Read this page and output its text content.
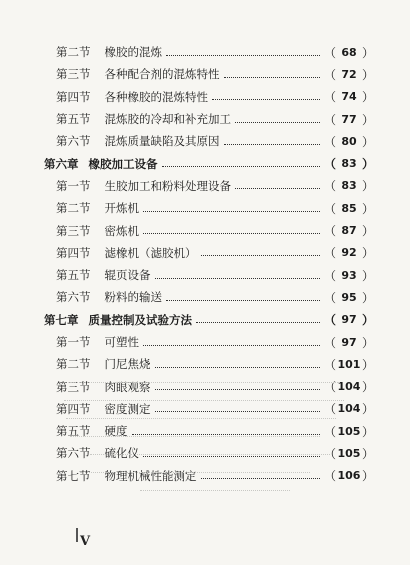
第二节	橡胶的混炼	（ 68 ）
第三节	各种配合剂的混炼特性	（ 72 ）
第四节	各种橡胶的混炼特性	（ 74 ）
第五节	混炼胶的冷却和补充加工	（ 77 ）
第六节	混炼质量缺陷及其原因	（ 80 ）
第六章 橡胶加工设备	（ 83 ）
第一节	生胶加工和粉料处理设备	（ 83 ）
第二节	开炼机	（ 85 ）
第三节	密炼机	（ 87 ）
第四节	滤橡机（滤胶机）	（ 92 ）
第五节	辊页设备	（ 93 ）
第六节	粉料的输送	（ 95 ）
第七章 质量控制及试验方法	（ 97 ）
第一节	可塑性	（ 97 ）
第二节	门尼焦烧	（ 101 ）
第三节	肉眼观察	（ 104 ）
第四节	密度测定	（ 104 ）
第五节	硬度	（ 105 ）
第六节	硫化仪	（ 105 ）
第七节	物理机械性能测定	（ 106 ）
V
